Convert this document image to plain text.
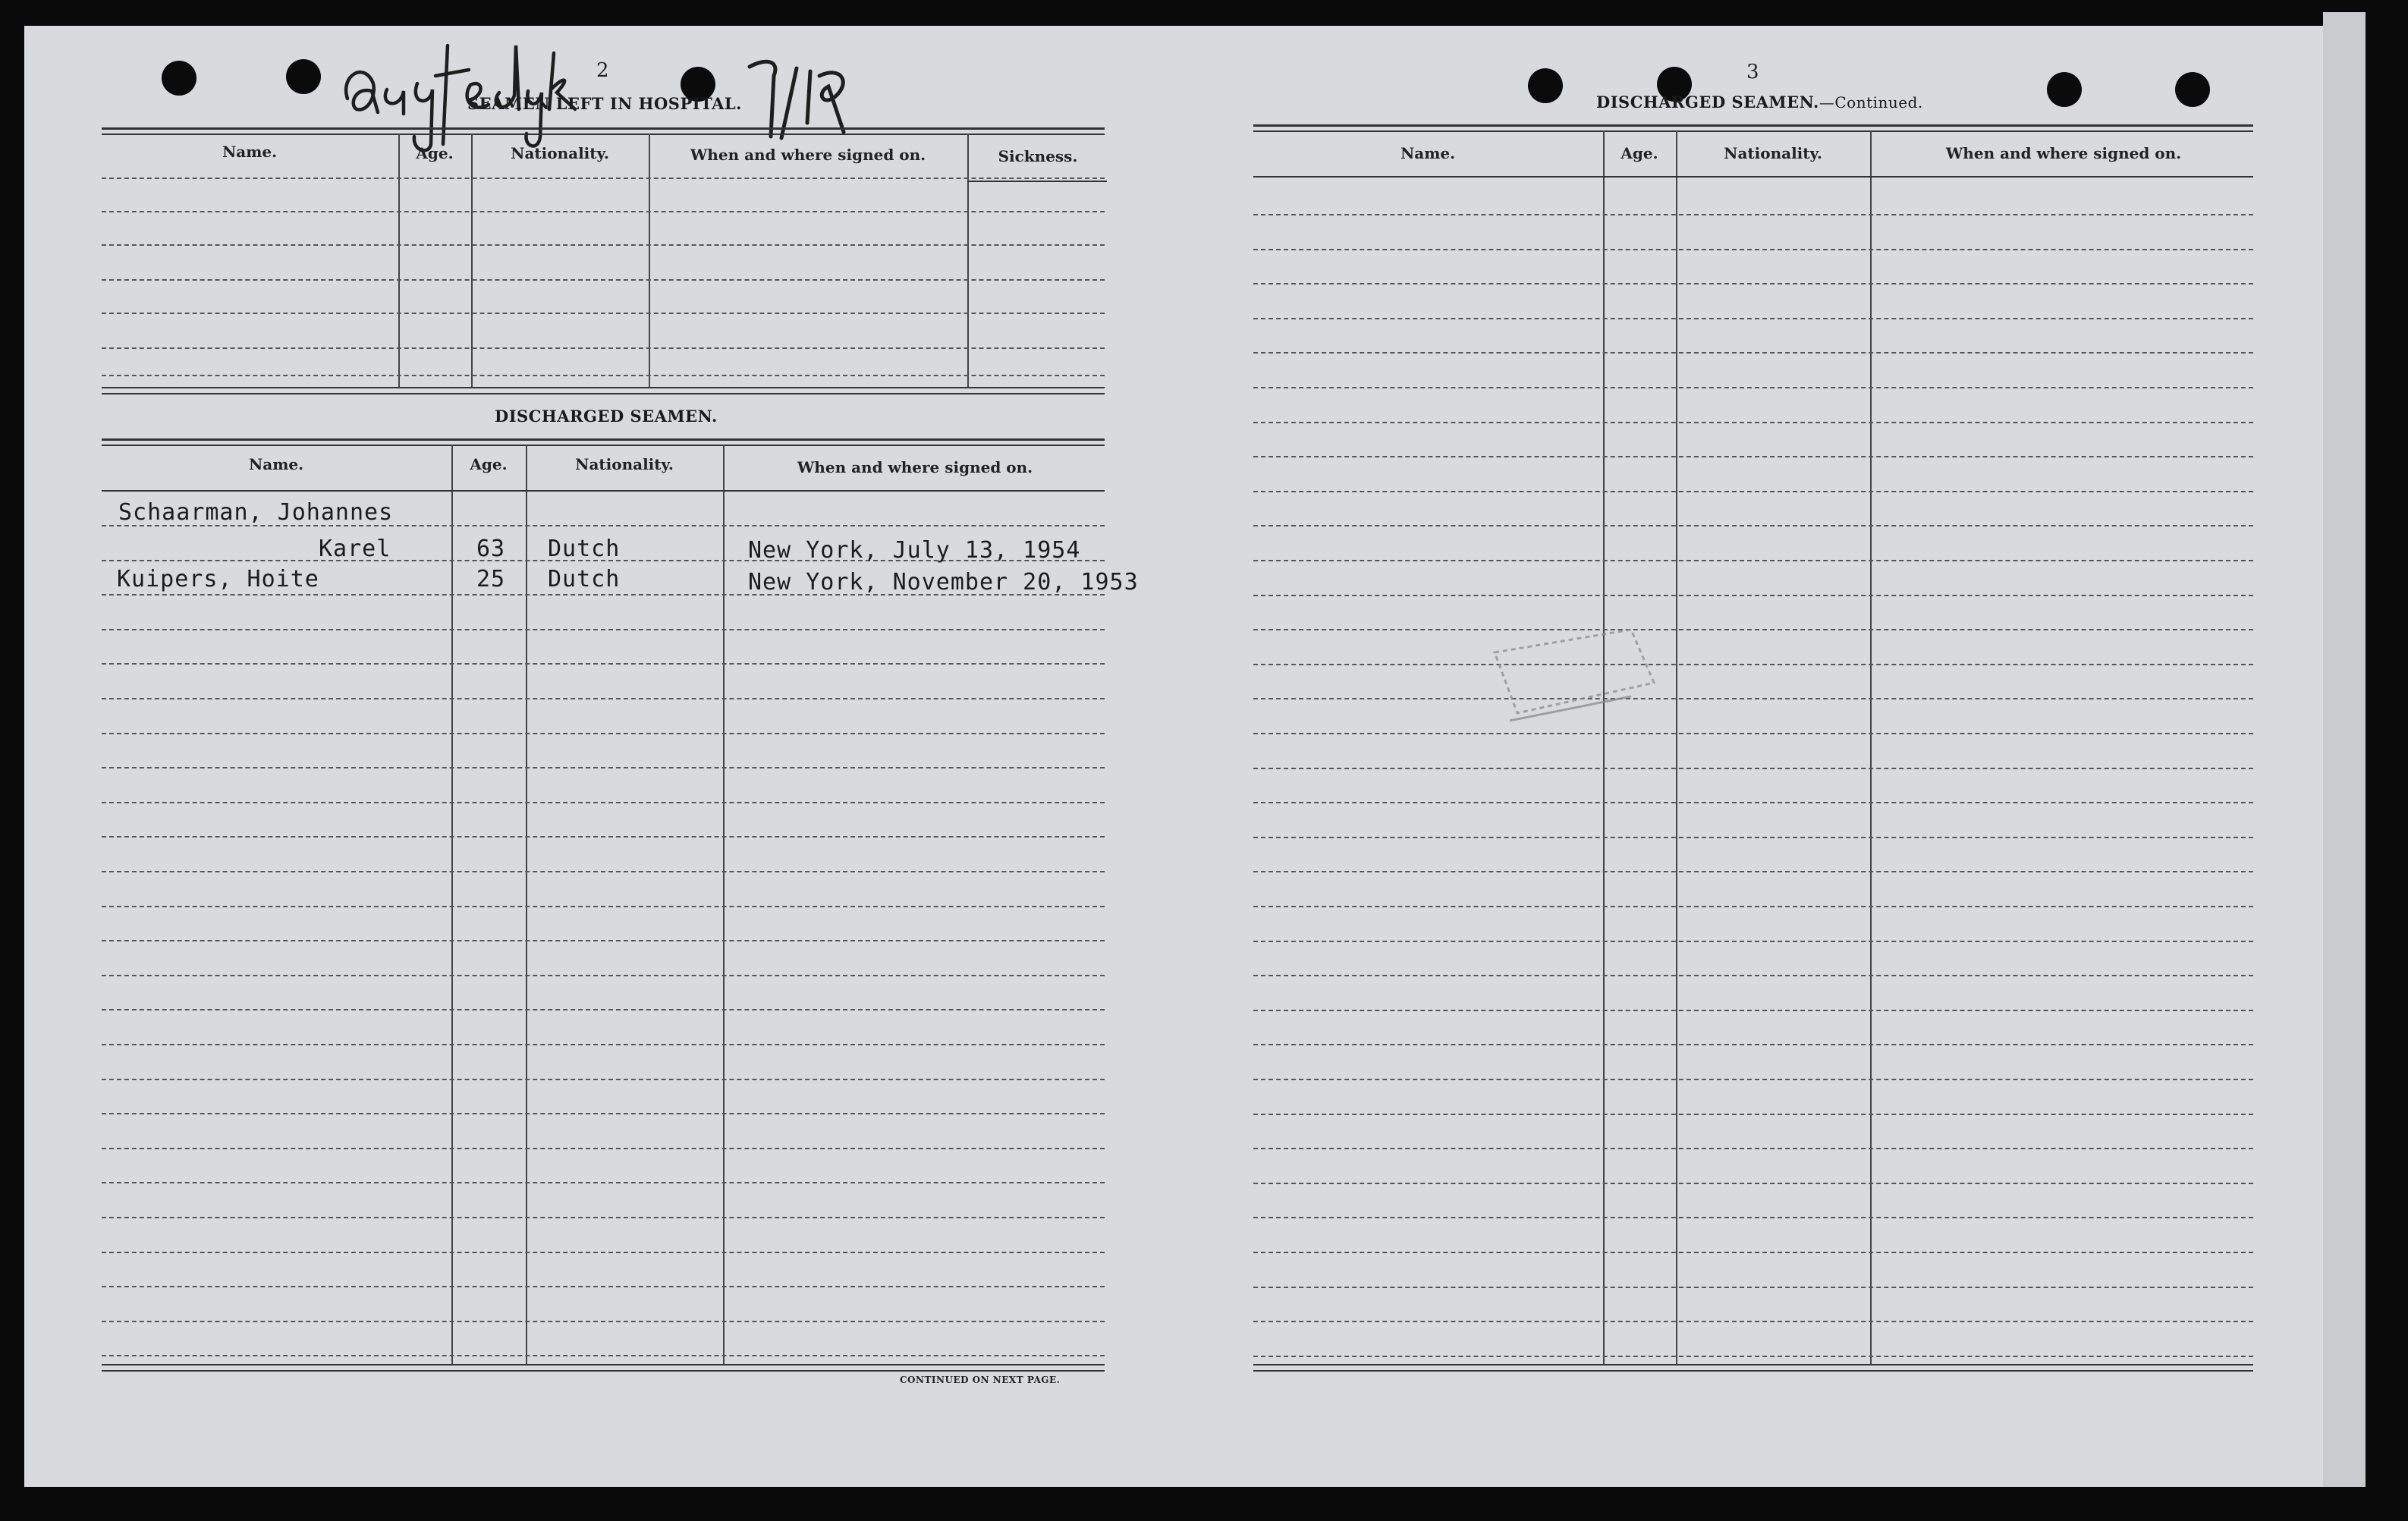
2
SEAMEN LEFT IN HOSPITAL.
Name.	Age.	Nationality.	When and where signed on.	Sickness.
DISCHARGED SEAMEN.
Name.	Age.	Nationality.	When and where signed on.
Schaarman, Johannes
Karel	63 Dutch	New York, July 13, 1954
Kuipers, Hoite	25 Dutch	New York, November 20, 1953
CONTINUED ON NEXT PAGE.
3
DISCHARGED SEAMEN.—Continued.
Name.	Age.	Nationality.	When and where signed on.
